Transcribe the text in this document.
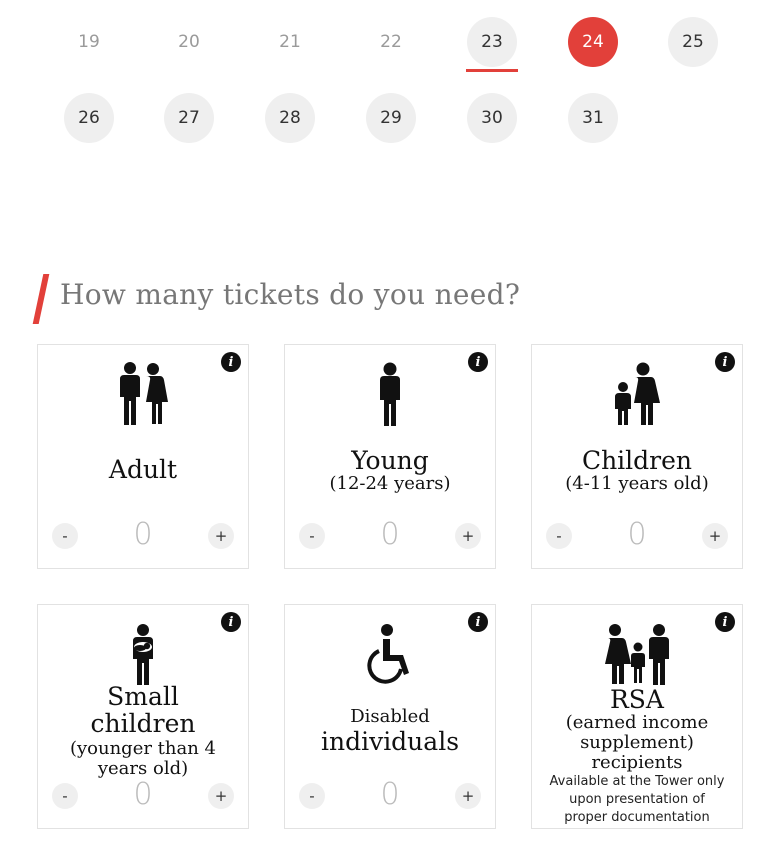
19	20	21	22	23	24	25
26	27	28	29	30	31
How many tickets do you need?
i
Adult
-	0	+
i
Young
(12-24 years)
-	0	+
i
Children
(4-11 years old)
-	0	+
i
Small
children
(younger than 4 years old)
-	0	+
i
Disabled
individuals
-	0	+
i
RSA
(earned income supplement) recipients
Available at the Tower only upon presentation of proper documentation
